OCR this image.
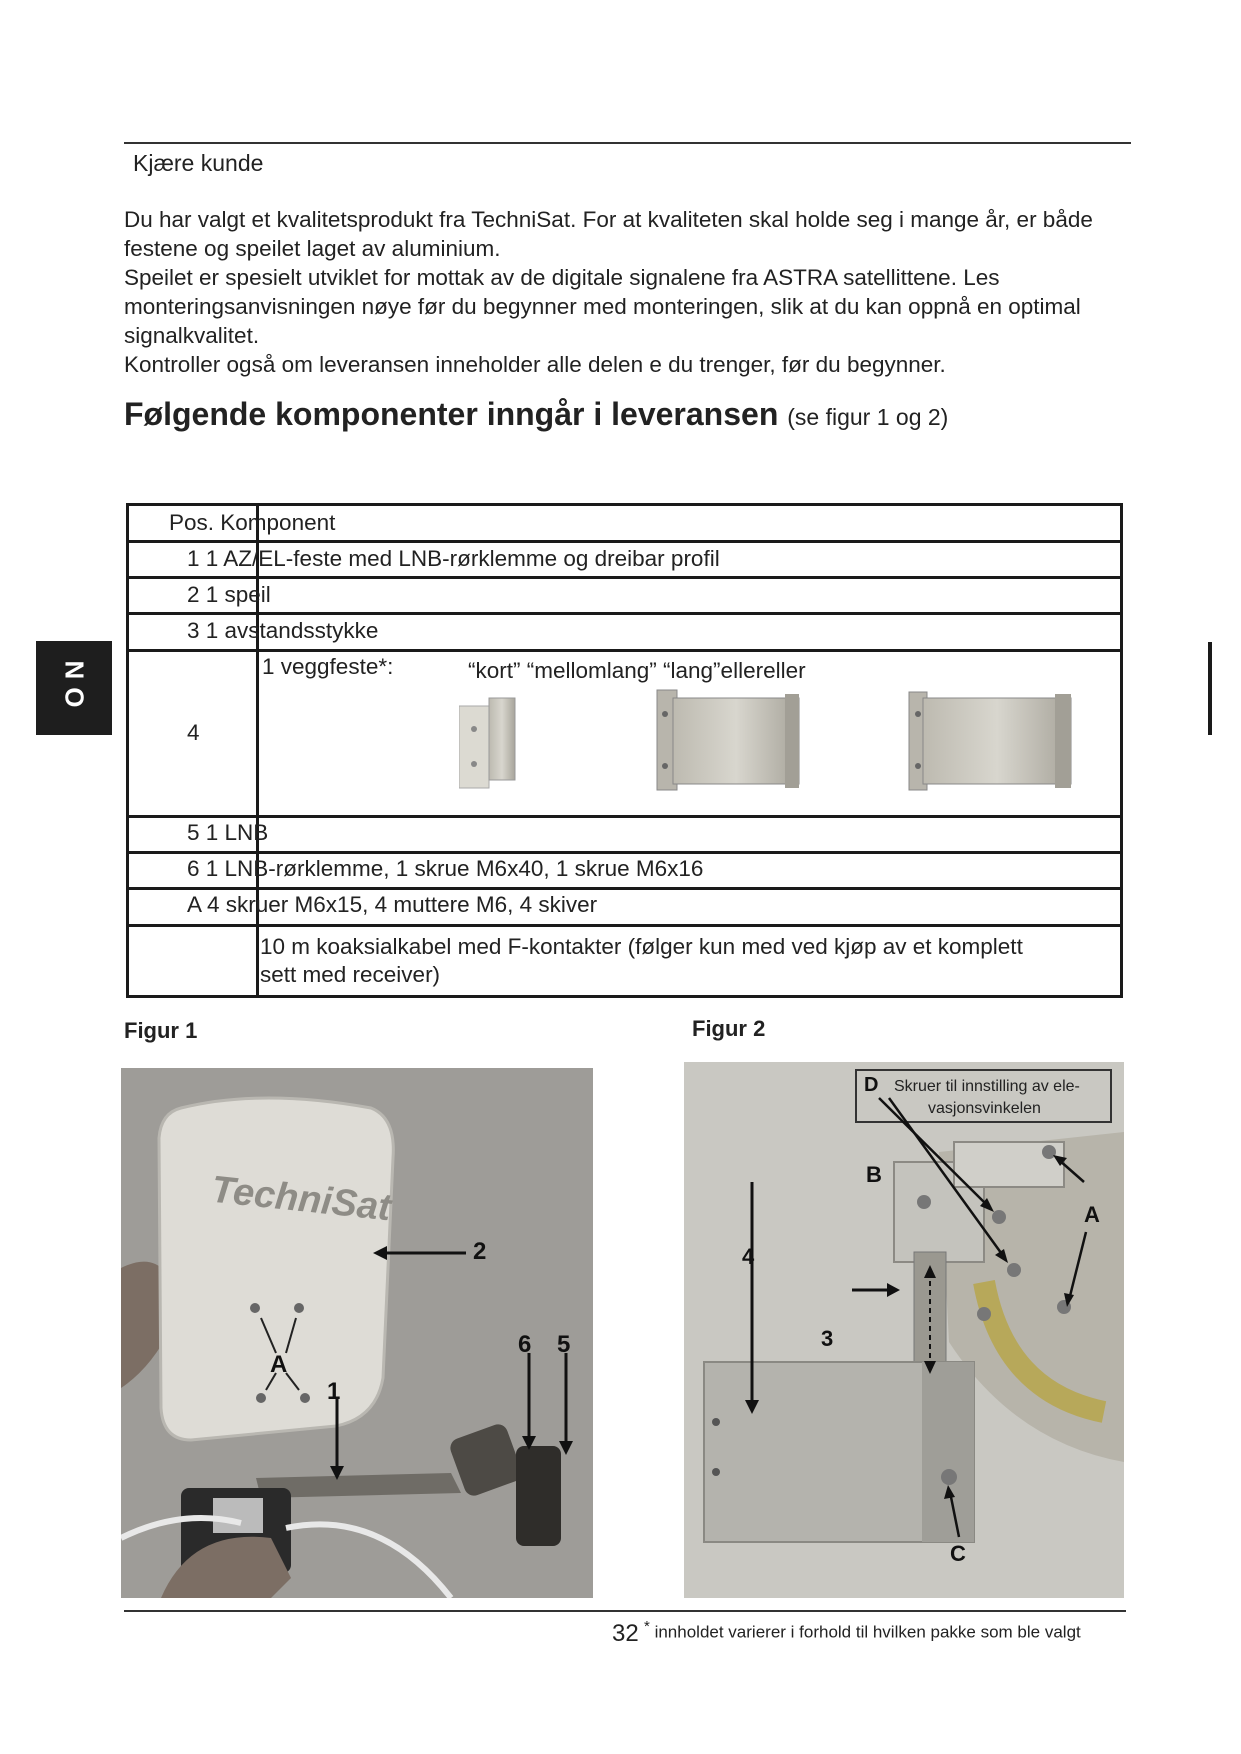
Kjære kunde

Du har valgt et kvalitetsprodukt fra TechniSat. For at kvaliteten skal holde seg i mange år, er både festene og speilet laget av aluminium.

Speilet er spesielt utviklet for mottak av de digitale signalene fra ASTRA satellittene. Les monteringsanvisningen nøye før du begynner med monteringen, slik at du kan oppnå en optimal signalkvalitet.

Kontroller også om leveransen inneholder alle delen e du trenger, før du begynner.

Følgende komponenter inngår i leveransen (se figur 1 og 2)
Pos. Komponent
1 1 AZ/EL-feste med LNB-rørklemme og dreibar profil
2 1 speil
3 1 avstandsstykke
4
1 veggfeste*:	“kort” “mellomlang” “lang”ellereller
5 1 LNB
6 1 LNB-rørklemme, 1 skrue M6x40, 1 skrue M6x16
A 4 skruer M6x15, 4 muttere M6, 4 skiver
10 m koaksialkabel med F-kontakter (følger kun med ved kjøp av et komplett
sett med receiver)
NO
Figur 1	Figur 2
TechniSat
2
1
6 5
A
D Skruer til innstilling av ele-
vasjonsvinkelen
B
A
4
3
C
32 * innholdet varierer i forhold til hvilken pakke som ble valgt
